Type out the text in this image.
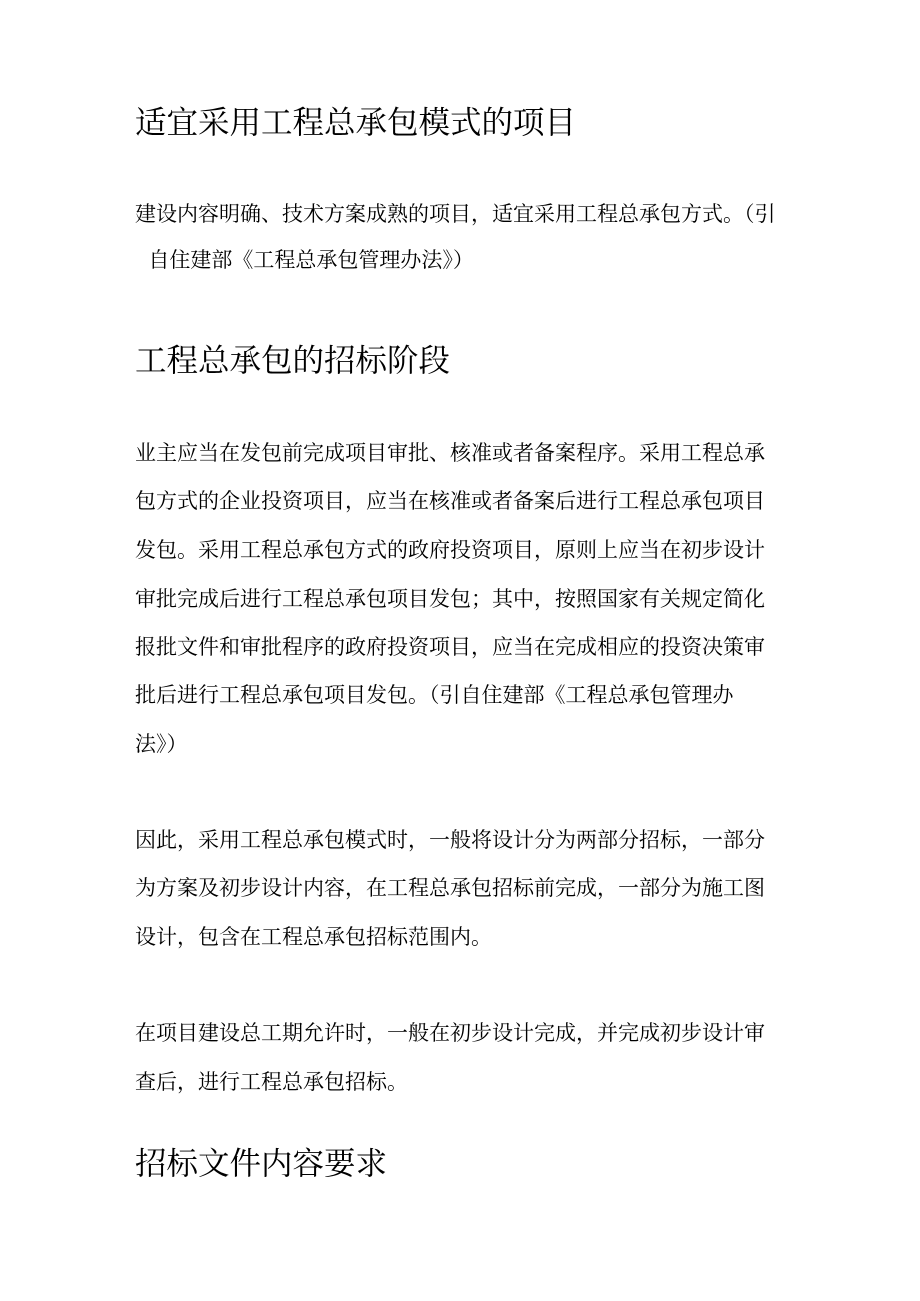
适宜采用工程总承包模式的项目

建设内容明确、技术方案成熟的项目，适宜采用工程总承包方式。（引

自住建部《工程总承包管理办法》）

工程总承包的招标阶段

业主应当在发包前完成项目审批、核准或者备案程序。采用工程总承

包方式的企业投资项目，应当在核准或者备案后进行工程总承包项目

发包。采用工程总承包方式的政府投资项目，原则上应当在初步设计

审批完成后进行工程总承包项目发包；其中，按照国家有关规定简化

报批文件和审批程序的政府投资项目，应当在完成相应的投资决策审

批后进行工程总承包项目发包。（引自住建部《工程总承包管理办

法》）

因此，采用工程总承包模式时，一般将设计分为两部分招标，一部分

为方案及初步设计内容，在工程总承包招标前完成，一部分为施工图

设计，包含在工程总承包招标范围内。

在项目建设总工期允许时，一般在初步设计完成，并完成初步设计审

查后，进行工程总承包招标。

招标文件内容要求
